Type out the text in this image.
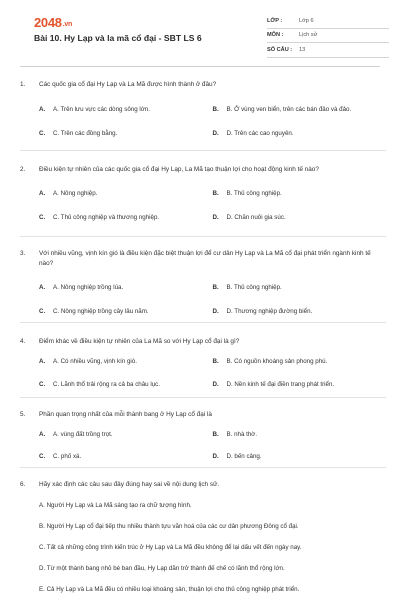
2048.vn
Bài 10. Hy Lạp và la mã cổ đại - SBT LS 6
LỚP :	Lớp 6
MÔN :	Lịch sử
SỐ CÂU :	13
1.	Các quốc gia cổ đại Hy Lạp và La Mã được hình thành ở đâu?
A.	A. Trên lưu vực các dòng sông lớn.	B.	B. Ở vùng ven biển, trên các bán đảo và đảo.
C.	C. Trên các đồng bằng.	D.	D. Trên các cao nguyên.
2.	Điều kiện tự nhiên của các quốc gia cổ đại Hy Lạp, La Mã tạo thuận lợi cho hoạt động kinh tế nào?
A.	A. Nông nghiệp.	B.	B. Thủ công nghiệp.
C.	C. Thủ công nghiệp và thương nghiệp.	D.	D. Chăn nuôi gia súc.
3.	Với nhiều vũng, vịnh kín gió là điều kiện đặc biệt thuận lợi để cư dân Hy Lạp và La Mã cổ đại phát triển ngành kinh tế nào?
A.	A. Nông nghiệp trồng lúa.	B.	B. Thủ công nghiệp.
C.	C. Nông nghiệp trồng cây lâu năm.	D.	D. Thương nghiệp đường biển.
4.	Điểm khác về điều kiện tự nhiên của La Mã so với Hy Lạp cổ đại là gì?
A.	A. Có nhiều vũng, vịnh kín gió.	B.	B. Có nguồn khoáng sản phong phú.
C.	C. Lãnh thổ trải rộng ra cả ba châu lục.	D.	D. Nền kinh tế đại điền trang phát triển.
5.	Phần quan trọng nhất của mỗi thành bang ở Hy Lạp cổ đại là
A.	A. vùng đất trồng trọt.	B.	B. nhà thờ.
C.	C. phố xá.	D.	D. bến cảng.
6.	Hãy xác định các câu sau đây đúng hay sai về nội dung lịch sử.
A. Người Hy Lạp và La Mã sáng tạo ra chữ tượng hình.
B. Người Hy Lạp cổ đại tiếp thu nhiều thành tựu văn hoá của các cư dân phương Đông cổ đại.
C. Tất cả những công trình kiến trúc ở Hy Lạp và La Mã đều không để lại dấu vết đến ngày nay.
D. Từ một thành bang nhỏ bé ban đầu, Hy Lạp dần trở thành đế chế có lãnh thổ rộng lớn.
E. Cả Hy Lạp và La Mã đều có nhiều loại khoáng sản, thuận lợi cho thủ công nghiệp phát triển.
